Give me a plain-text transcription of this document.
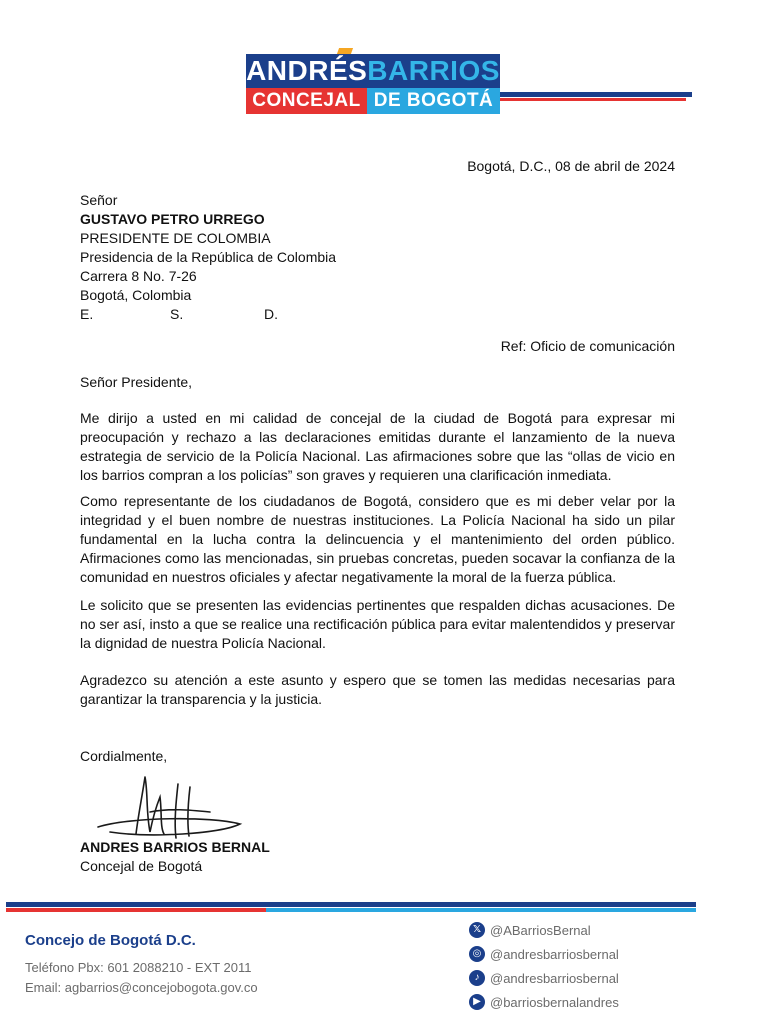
ANDRÉSBARRIOS
CONCEJAL DE BOGOTÁ

Bogotá, D.C., 08 de abril de 2024

Señor
GUSTAVO PETRO URREGO
PRESIDENTE DE COLOMBIA
Presidencia de la República de Colombia
Carrera 8 No. 7-26
Bogotá, Colombia
E.	S.	D.

Ref: Oficio de comunicación

Señor Presidente,

Me dirijo a usted en mi calidad de concejal de la ciudad de Bogotá para expresar mi preocupación y rechazo a las declaraciones emitidas durante el lanzamiento de la nueva estrategia de servicio de la Policía Nacional. Las afirmaciones sobre que las “ollas de vicio en los barrios compran a los policías” son graves y requieren una clarificación inmediata.

Como representante de los ciudadanos de Bogotá, considero que es mi deber velar por la integridad y el buen nombre de nuestras instituciones. La Policía Nacional ha sido un pilar fundamental en la lucha contra la delincuencia y el mantenimiento del orden público. Afirmaciones como las mencionadas, sin pruebas concretas, pueden socavar la confianza de la comunidad en nuestros oficiales y afectar negativamente la moral de la fuerza pública.

Le solicito que se presenten las evidencias pertinentes que respalden dichas acusaciones. De no ser así, insto a que se realice una rectificación pública para evitar malentendidos y preservar la dignidad de nuestra Policía Nacional.

Agradezco su atención a este asunto y espero que se tomen las medidas necesarias para garantizar la transparencia y la justicia.

Cordialmente,

ANDRES BARRIOS BERNAL
Concejal de Bogotá
Concejo de Bogotá D.C.
Teléfono Pbx: 601 2088210 - EXT 2011
Email: agbarrios@concejobogota.gov.co
𝕏 @ABarriosBernal
◎ @andresbarriosbernal
♪ @andresbarriosbernal
▶ @barriosbernalandres
